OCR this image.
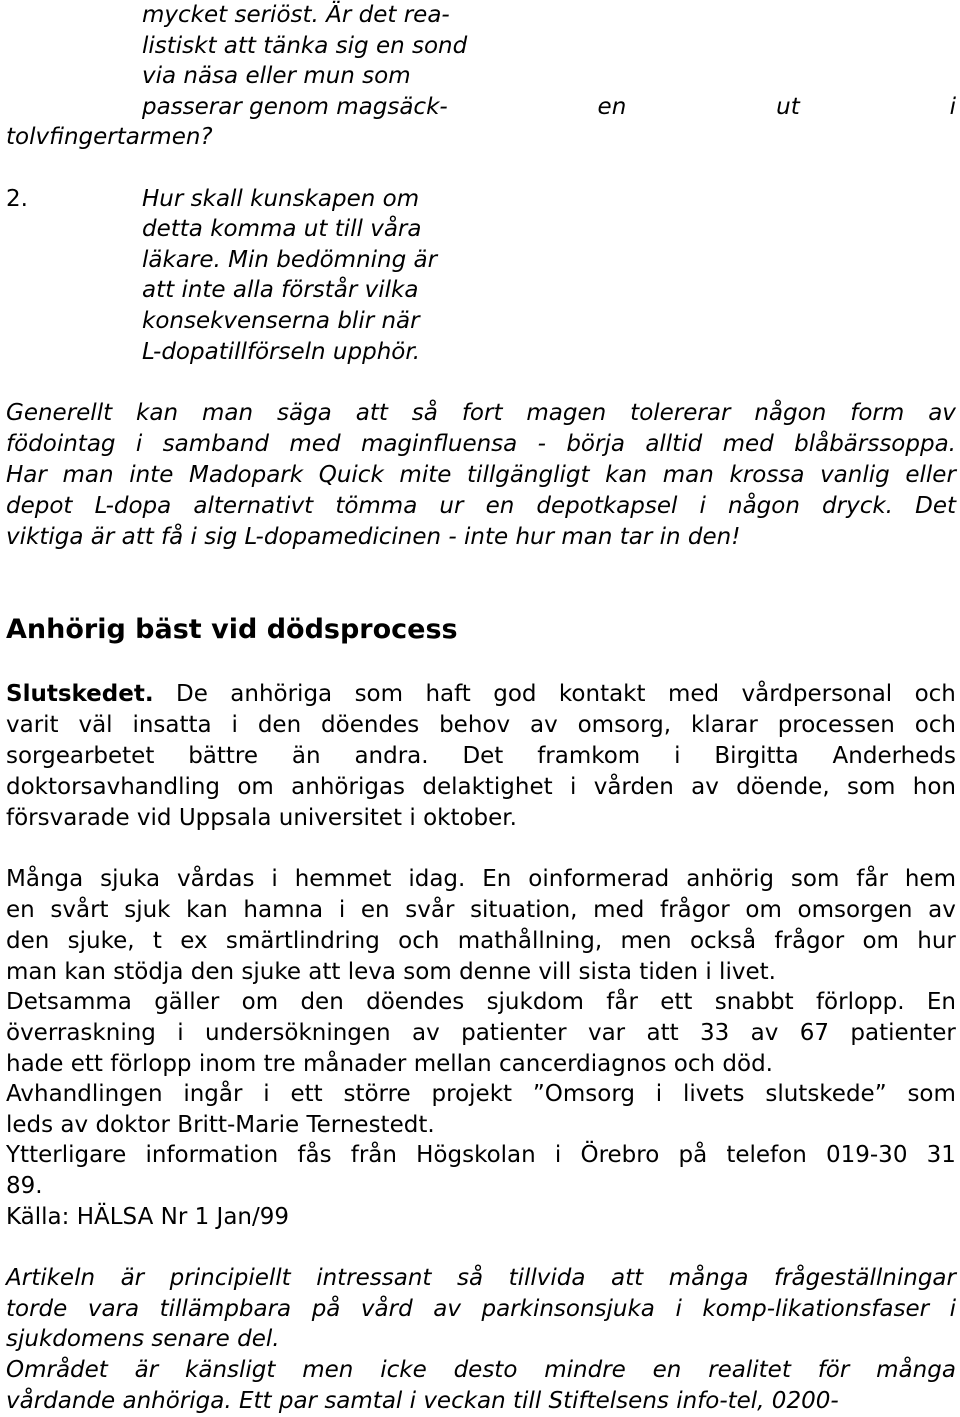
mycket seriöst. Är det rea-
listiskt att tänka sig en sond
via näsa eller mun som
passerar genom magsäck-	en	ut	i
tolvfingertarmen?
2.	Hur skall kunskapen om
detta komma ut till våra
läkare. Min bedömning är
att inte alla förstår vilka
konsekvenserna blir när
L-dopatillförseln upphör.
Generellt kan man säga att så fort magen tolererar någon form av
födointag i samband med maginfluensa - börja alltid med blåbärssoppa.
Har man inte Madopark Quick mite tillgängligt kan man krossa vanlig eller
depot L-dopa alternativt tömma ur en depotkapsel i någon dryck. Det
viktiga är att få i sig L-dopamedicinen - inte hur man tar in den!
Anhörig bäst vid dödsprocess
Slutskedet. De anhöriga som haft god kontakt med vårdpersonal och
varit väl insatta i den döendes behov av omsorg, klarar processen och
sorgearbetet bättre än andra. Det framkom i Birgitta Anderheds
doktorsavhandling om anhörigas delaktighet i vården av döende, som hon
försvarade vid Uppsala universitet i oktober.
Många sjuka vårdas i hemmet idag. En oinformerad anhörig som får hem
en svårt sjuk kan hamna i en svår situation, med frågor om omsorgen av
den sjuke, t ex smärtlindring och mathållning, men också frågor om hur
man kan stödja den sjuke att leva som denne vill sista tiden i livet.
Detsamma gäller om den döendes sjukdom får ett snabbt förlopp. En
överraskning i undersökningen av patienter var att 33 av 67 patienter
hade ett förlopp inom tre månader mellan cancerdiagnos och död.
Avhandlingen ingår i ett större projekt ”Omsorg i livets slutskede” som
leds av doktor Britt-Marie Ternestedt.
Ytterligare information fås från Högskolan i Örebro på telefon 019-30 31
89.
Källa: HÄLSA Nr 1 Jan/99
Artikeln är principiellt intressant så tillvida att många frågeställningar
torde vara tillämpbara på vård av parkinsonsjuka i komp-likationsfaser i
sjukdomens senare del.
Området är känsligt men icke desto mindre en realitet för många
vårdande anhöriga. Ett par samtal i veckan till Stiftelsens info-tel, 0200-
